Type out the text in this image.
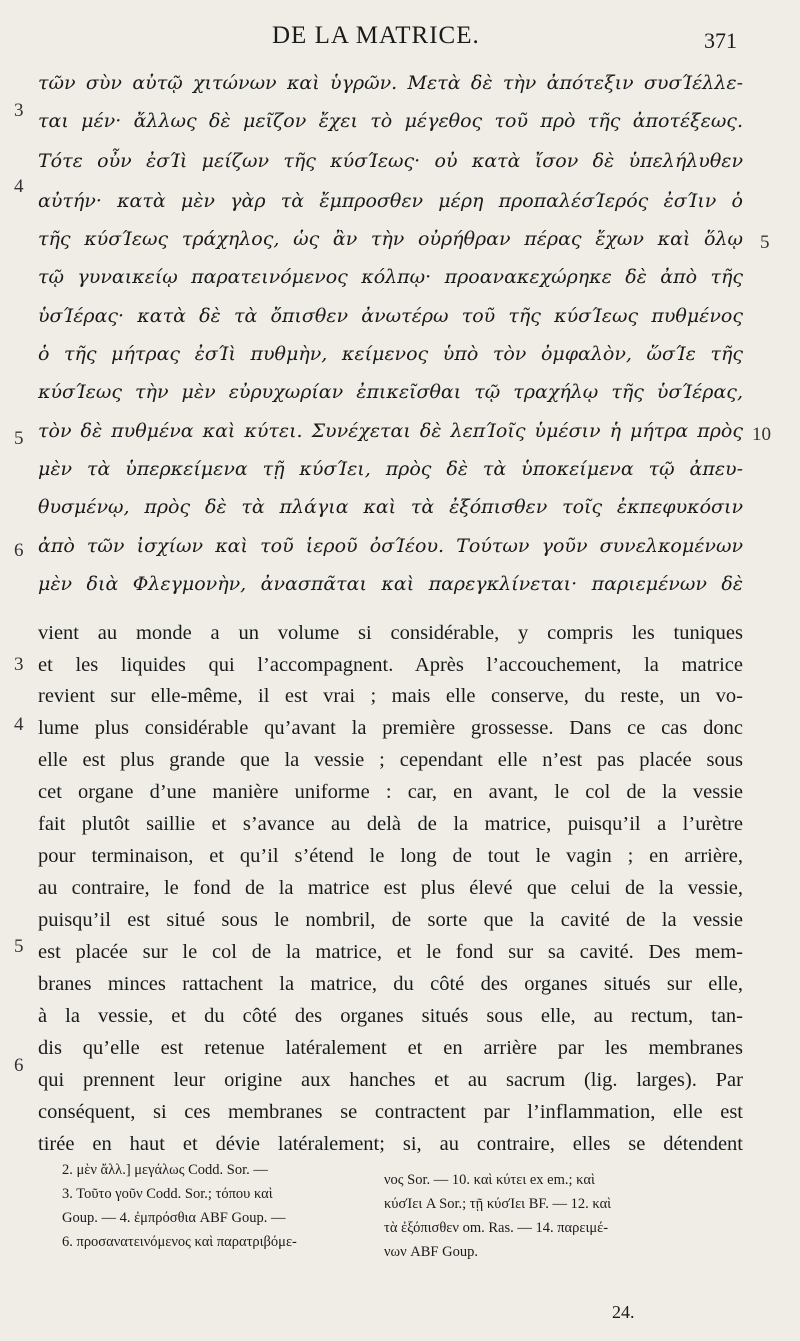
DE LA MATRICE.	371
τῶν σὺν αὐτῷ χιτώνων καὶ ὑγρῶν. Μετὰ δὲ τὴν ἀπότεξιν συσΊέλλε-
ται μέν· ἄλλως δὲ μεῖζον ἔχει τὸ μέγεθος τοῦ πρὸ τῆς ἀποτέξεως.
Τότε οὖν ἐσΊὶ μείζων τῆς κύσΊεως· οὐ κατὰ ἴσον δὲ ὑπελήλυθεν
αὐτήν· κατὰ μὲν γὰρ τὰ ἔμπροσθεν μέρη προπαλέσΊερός ἐσΊιν ὁ
τῆς κύσΊεως τράχηλος, ὡς ἂν τὴν οὐρήθραν πέρας ἔχων καὶ ὅλῳ
τῷ γυναικείῳ παρατεινόμενος κόλπῳ· προανακεχώρηκε δὲ ἀπὸ τῆς
ὑσΊέρας· κατὰ δὲ τὰ ὄπισθεν ἀνωτέρω τοῦ τῆς κύσΊεως πυθμένος
ὁ τῆς μήτρας ἐσΊὶ πυθμὴν, κείμενος ὑπὸ τὸν ὀμφαλὸν, ὥσΊε τῆς
κύσΊεως τὴν μὲν εὐρυχωρίαν ἐπικεῖσθαι τῷ τραχήλῳ τῆς ὑσΊέρας,
τὸν δὲ πυθμένα καὶ κύτει. Συνέχεται δὲ λεπΊοῖς ὑμέσιν ἡ μήτρα πρὸς
μὲν τὰ ὑπερκείμενα τῇ κύσΊει, πρὸς δὲ τὰ ὑποκείμενα τῷ ἀπευ-
θυσμένῳ, πρὸς δὲ τὰ πλάγια καὶ τὰ ἐξόπισθεν τοῖς ἐκπεφυκόσιν
ἀπὸ τῶν ἰσχίων καὶ τοῦ ἱεροῦ ὀσΊέου. Τούτων γοῦν συνελκομένων
μὲν διὰ Φλεγμονὴν, ἀνασπᾶται καὶ παρεγκλίνεται· παριεμένων δὲ
3
4
5
6
5
10
vient au monde a un volume si considérable, y compris les tuniques
et les liquides qui l’accompagnent. Après l’accouchement, la matrice
revient sur elle-même, il est vrai ; mais elle conserve, du reste, un vo-
lume plus considérable qu’avant la première grossesse. Dans ce cas donc
elle est plus grande que la vessie ; cependant elle n’est pas placée sous
cet organe d’une manière uniforme : car, en avant, le col de la vessie
fait plutôt saillie et s’avance au delà de la matrice, puisqu’il a l’urètre
pour terminaison, et qu’il s’étend le long de tout le vagin ; en arrière,
au contraire, le fond de la matrice est plus élevé que celui de la vessie,
puisqu’il est situé sous le nombril, de sorte que la cavité de la vessie
est placée sur le col de la matrice, et le fond sur sa cavité. Des mem-
branes minces rattachent la matrice, du côté des organes situés sur elle,
à la vessie, et du côté des organes situés sous elle, au rectum, tan-
dis qu’elle est retenue latéralement et en arrière par les membranes
qui prennent leur origine aux hanches et au sacrum (lig. larges). Par
conséquent, si ces membranes se contractent par l’inflammation, elle est
tirée en haut et dévie latéralement; si, au contraire, elles se détendent
3
4
5
6
2. μὲν ἄλλ.] μεγάλως Codd. Sor. —
3. Τοῦτο γοῦν Codd. Sor.; τόπου καὶ
Goup. — 4. ἐμπρόσθια ABF Goup. —
6. προσανατεινόμενος καὶ παρατριβόμε-
νος Sor. — 10. καὶ κύτει ex em.; καὶ
κύσΊει A Sor.; τῇ κύσΊει BF. — 12. καὶ
τὰ ἐξόπισθεν om. Ras. — 14. παρειμέ-
νων ABF Goup.
24.
